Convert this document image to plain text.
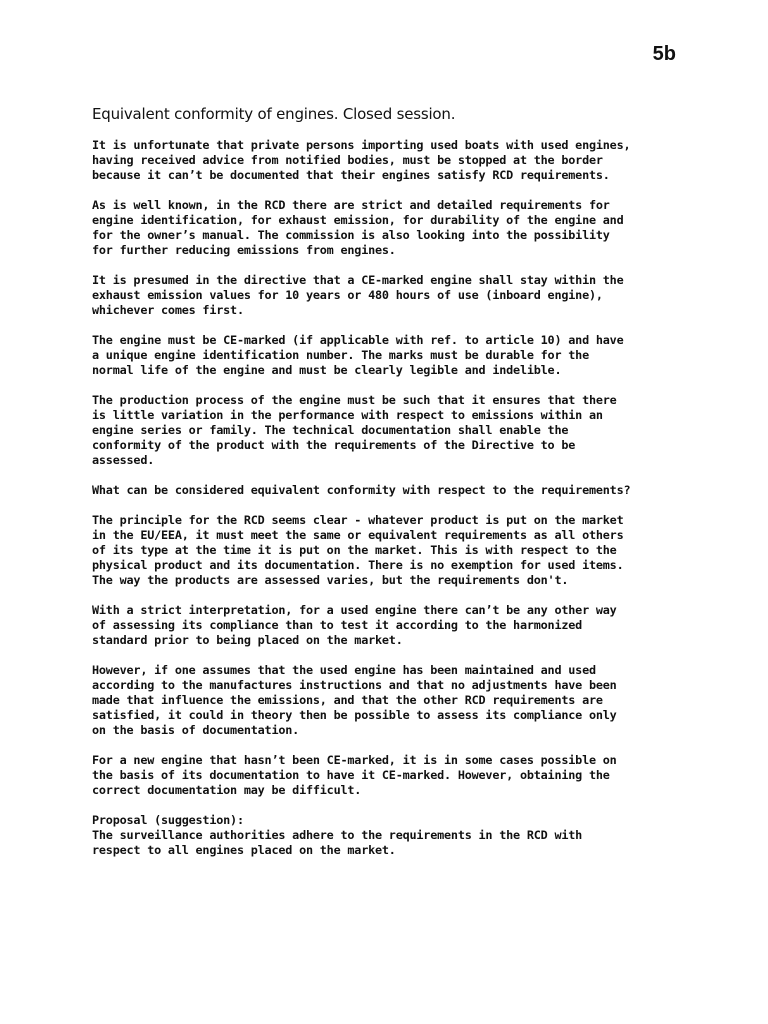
5b
Equivalent conformity of engines. Closed session.

It is unfortunate that private persons importing used boats with used engines,
having received advice from notified bodies, must be stopped at the border
because it can’t be documented that their engines satisfy RCD requirements.

As is well known, in the RCD there are strict and detailed requirements for
engine identification, for exhaust emission, for durability of the engine and
for the owner’s manual. The commission is also looking into the possibility
for further reducing emissions from engines.

It is presumed in the directive that a CE-marked engine shall stay within the
exhaust emission values for 10 years or 480 hours of use (inboard engine),
whichever comes first.

The engine must be CE-marked (if applicable with ref. to article 10) and have
a unique engine identification number. The marks must be durable for the
normal life of the engine and must be clearly legible and indelible.

The production process of the engine must be such that it ensures that there
is little variation in the performance with respect to emissions within an
engine series or family. The technical documentation shall enable the
conformity of the product with the requirements of the Directive to be
assessed.

What can be considered equivalent conformity with respect to the requirements?

The principle for the RCD seems clear - whatever product is put on the market
in the EU/EEA, it must meet the same or equivalent requirements as all others
of its type at the time it is put on the market. This is with respect to the
physical product and its documentation. There is no exemption for used items.
The way the products are assessed varies, but the requirements don't.

With a strict interpretation, for a used engine there can’t be any other way
of assessing its compliance than to test it according to the harmonized
standard prior to being placed on the market.

However, if one assumes that the used engine has been maintained and used
according to the manufactures instructions and that no adjustments have been
made that influence the emissions, and that the other RCD requirements are
satisfied, it could in theory then be possible to assess its compliance only
on the basis of documentation.

For a new engine that hasn’t been CE-marked, it is in some cases possible on
the basis of its documentation to have it CE-marked. However, obtaining the
correct documentation may be difficult.

Proposal (suggestion):
The surveillance authorities adhere to the requirements in the RCD with
respect to all engines placed on the market.
